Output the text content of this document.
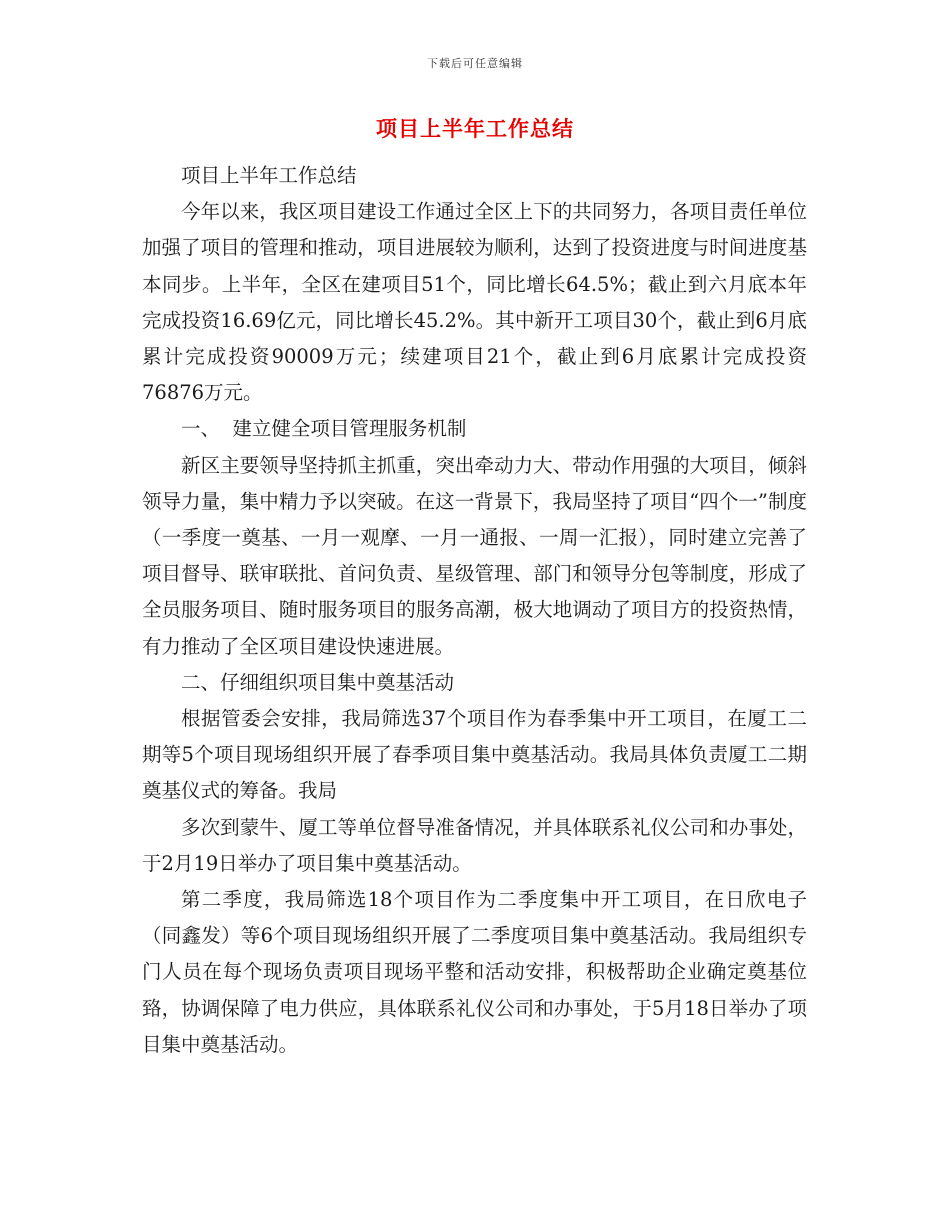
下载后可任意编辑
项目上半年工作总结

项目上半年工作总结

今年以来，我区项目建设工作通过全区上下的共同努力，各项目责任单位加强了项目的管理和推动，项目进展较为顺利，达到了投资进度与时间进度基本同步。上半年，全区在建项目51个，同比增长64.5%；截止到六月底本年完成投资16.69亿元，同比增长45.2%。其中新开工项目30个，截止到6月底累计完成投资90009万元；续建项目21个，截止到6月底累计完成投资76876万元。

一、  建立健全项目管理服务机制

新区主要领导坚持抓主抓重，突出牵动力大、带动作用强的大项目，倾斜领导力量，集中精力予以突破。在这一背景下，我局坚持了项目“四个一”制度（一季度一奠基、一月一观摩、一月一通报、一周一汇报），同时建立完善了项目督导、联审联批、首问负责、星级管理、部门和领导分包等制度，形成了全员服务项目、随时服务项目的服务高潮，极大地调动了项目方的投资热情，有力推动了全区项目建设快速进展。

二、仔细组织项目集中奠基活动

根据管委会安排，我局筛选37个项目作为春季集中开工项目，在厦工二期等5个项目现场组织开展了春季项目集中奠基活动。我局具体负责厦工二期奠基仪式的筹备。我局

多次到蒙牛、厦工等单位督导准备情况，并具体联系礼仪公司和办事处，于2月19日举办了项目集中奠基活动。

第二季度，我局筛选18个项目作为二季度集中开工项目，在日欣电子（同鑫发）等6个项目现场组织开展了二季度项目集中奠基活动。我局组织专门人员在每个现场负责项目现场平整和活动安排，积极帮助企业确定奠基位臵，协调保障了电力供应，具体联系礼仪公司和办事处，于5月18日举办了项目集中奠基活动。
